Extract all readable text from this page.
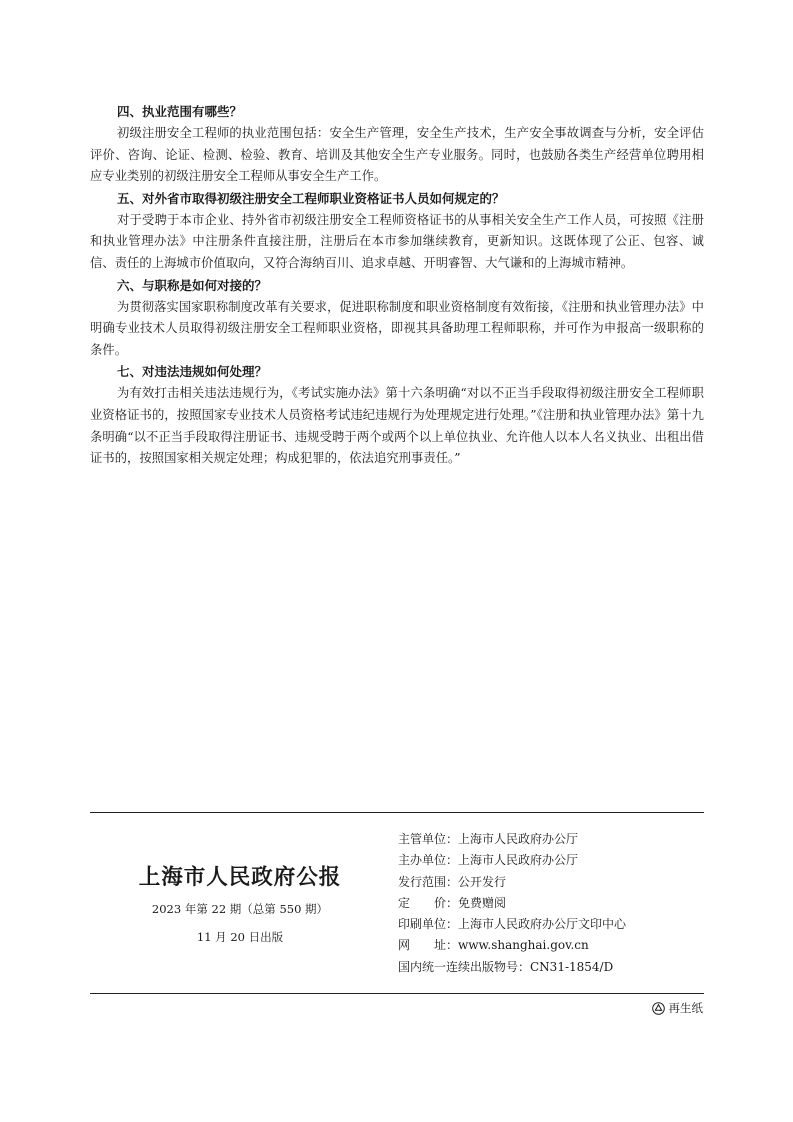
四、执业范围有哪些？

初级注册安全工程师的执业范围包括：安全生产管理，安全生产技术，生产安全事故调查与分析，安全评估评价、咨询、论证、检测、检验、教育、培训及其他安全生产专业服务。同时，也鼓励各类生产经营单位聘用相应专业类别的初级注册安全工程师从事安全生产工作。

五、对外省市取得初级注册安全工程师职业资格证书人员如何规定的？

对于受聘于本市企业、持外省市初级注册安全工程师资格证书的从事相关安全生产工作人员，可按照《注册和执业管理办法》中注册条件直接注册，注册后在本市参加继续教育，更新知识。这既体现了公正、包容、诚信、责任的上海城市价值取向，又符合海纳百川、追求卓越、开明睿智、大气谦和的上海城市精神。

六、与职称是如何对接的？

为贯彻落实国家职称制度改革有关要求，促进职称制度和职业资格制度有效衔接，《注册和执业管理办法》中明确专业技术人员取得初级注册安全工程师职业资格，即视其具备助理工程师职称，并可作为申报高一级职称的条件。

七、对违法违规如何处理？

为有效打击相关违法违规行为，《考试实施办法》第十六条明确“对以不正当手段取得初级注册安全工程师职业资格证书的，按照国家专业技术人员资格考试违纪违规行为处理规定进行处理。”《注册和执业管理办法》第十九条明确“以不正当手段取得注册证书、违规受聘于两个或两个以上单位执业、允许他人以本人名义执业、出租出借证书的，按照国家相关规定处理；构成犯罪的，依法追究刑事责任。”

上海市人民政府公报
2023 年第 22 期（总第 550 期）
11 月 20 日出版
主管单位：上海市人民政府办公厅
主办单位：上海市人民政府办公厅
发行范围：公开发行
定　　价：免费赠阅
印刷单位：上海市人民政府办公厅文印中心
网　　址：www.shanghai.gov.cn
国内统一连续出版物号：CN31-1854/D
再生纸
